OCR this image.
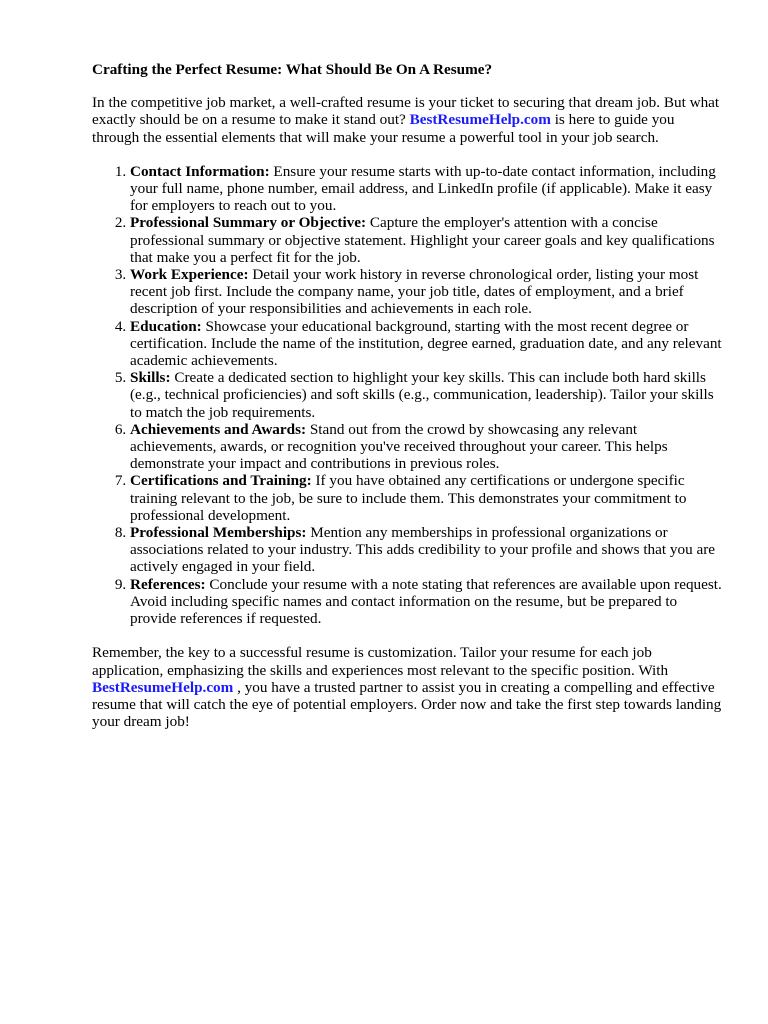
Crafting the Perfect Resume: What Should Be On A Resume?

In the competitive job market, a well-crafted resume is your ticket to securing that dream job. But what exactly should be on a resume to make it stand out? BestResumeHelp.com is here to guide you through the essential elements that will make your resume a powerful tool in your job search.

1. Contact Information: Ensure your resume starts with up-to-date contact information, including your full name, phone number, email address, and LinkedIn profile (if applicable). Make it easy for employers to reach out to you.
2. Professional Summary or Objective: Capture the employer's attention with a concise professional summary or objective statement. Highlight your career goals and key qualifications that make you a perfect fit for the job.
3. Work Experience: Detail your work history in reverse chronological order, listing your most recent job first. Include the company name, your job title, dates of employment, and a brief description of your responsibilities and achievements in each role.
4. Education: Showcase your educational background, starting with the most recent degree or certification. Include the name of the institution, degree earned, graduation date, and any relevant academic achievements.
5. Skills: Create a dedicated section to highlight your key skills. This can include both hard skills (e.g., technical proficiencies) and soft skills (e.g., communication, leadership). Tailor your skills to match the job requirements.
6. Achievements and Awards: Stand out from the crowd by showcasing any relevant achievements, awards, or recognition you've received throughout your career. This helps demonstrate your impact and contributions in previous roles.
7. Certifications and Training: If you have obtained any certifications or undergone specific training relevant to the job, be sure to include them. This demonstrates your commitment to professional development.
8. Professional Memberships: Mention any memberships in professional organizations or associations related to your industry. This adds credibility to your profile and shows that you are actively engaged in your field.
9. References: Conclude your resume with a note stating that references are available upon request. Avoid including specific names and contact information on the resume, but be prepared to provide references if requested.

Remember, the key to a successful resume is customization. Tailor your resume for each job application, emphasizing the skills and experiences most relevant to the specific position. With BestResumeHelp.com , you have a trusted partner to assist you in creating a compelling and effective resume that will catch the eye of potential employers. Order now and take the first step towards landing your dream job!
